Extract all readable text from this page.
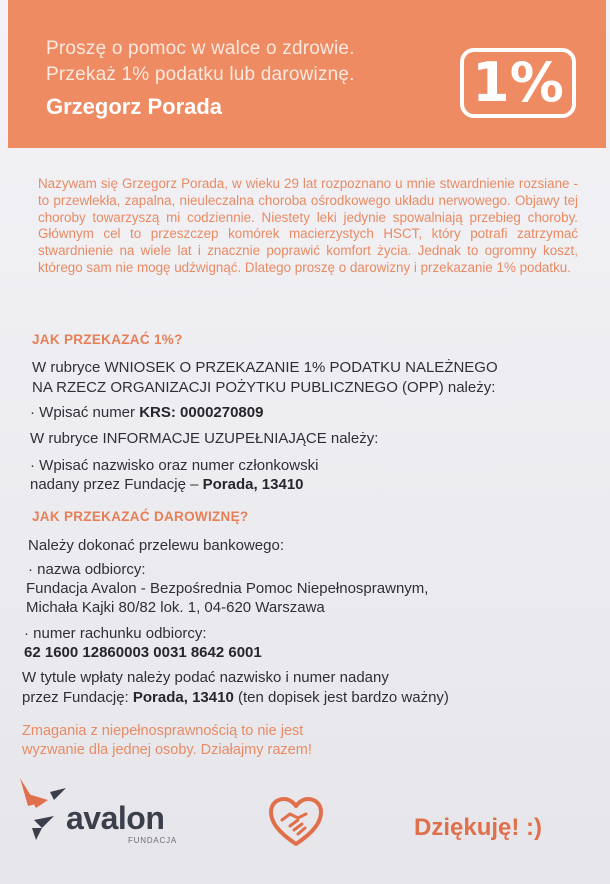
Proszę o pomoc w walce o zdrowie.
Przekaż 1% podatku lub darowiznę.
Grzegorz Porada	1%
Nazywam się Grzegorz Porada, w wieku 29 lat rozpoznano u mnie stwardnienie rozsiane - to przewlekła, zapalna, nieuleczalna choroba ośrodkowego układu nerwowego. Objawy tej choroby towarzyszą mi codziennie. Niestety leki jedynie spowalniają przebieg choroby. Głównym cel to przeszczep komórek macierzystych HSCT, który potrafi zatrzymać stwardnienie na wiele lat i znacznie poprawić komfort życia. Jednak to ogromny koszt, którego sam nie mogę udźwignąć. Dlatego proszę o darowizny i przekazanie 1% podatku.
JAK PRZEKAZAĆ 1%?
W rubryce WNIOSEK O PRZEKAZANIE 1% PODATKU NALEŻNEGO
NA RZECZ ORGANIZACJI POŻYTKU PUBLICZNEGO (OPP) należy:
· Wpisać numer KRS: 0000270809
W rubryce INFORMACJE UZUPEŁNIAJĄCE należy:
· Wpisać nazwisko oraz numer członkowski
nadany przez Fundację – Porada, 13410
JAK PRZEKAZAĆ DAROWIZNĘ?
Należy dokonać przelewu bankowego:
· nazwa odbiorcy:
Fundacja Avalon - Bezpośrednia Pomoc Niepełnosprawnym,
Michała Kajki 80/82 lok. 1, 04-620 Warszawa
· numer rachunku odbiorcy:
62 1600 12860003 0031 8642 6001
W tytule wpłaty należy podać nazwisko i numer nadany
przez Fundację: Porada, 13410 (ten dopisek jest bardzo ważny)
Zmagania z niepełnosprawnością to nie jest
wyzwanie dla jednej osoby. Działajmy razem!
avalon
FUNDACJA	Dziękuję! :)
